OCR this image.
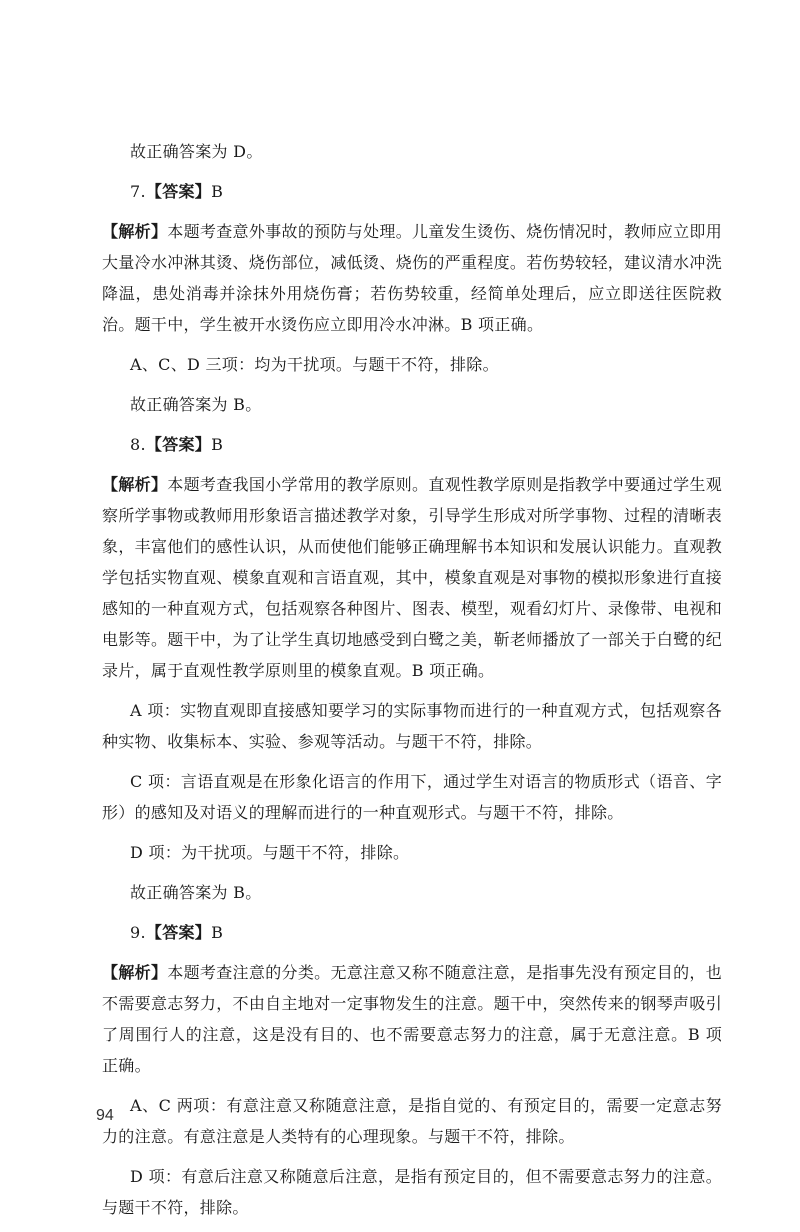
故正确答案为 D。

7.【答案】B

【解析】本题考查意外事故的预防与处理。儿童发生烫伤、烧伤情况时，教师应立即用大量冷水冲淋其烫、烧伤部位，减低烫、烧伤的严重程度。若伤势较轻，建议清水冲洗降温，患处消毒并涂抹外用烧伤膏；若伤势较重，经简单处理后，应立即送往医院救治。题干中，学生被开水烫伤应立即用冷水冲淋。B 项正确。

A、C、D 三项：均为干扰项。与题干不符，排除。

故正确答案为 B。

8.【答案】B

【解析】本题考查我国小学常用的教学原则。直观性教学原则是指教学中要通过学生观察所学事物或教师用形象语言描述教学对象，引导学生形成对所学事物、过程的清晰表象，丰富他们的感性认识，从而使他们能够正确理解书本知识和发展认识能力。直观教学包括实物直观、模象直观和言语直观，其中，模象直观是对事物的模拟形象进行直接感知的一种直观方式，包括观察各种图片、图表、模型，观看幻灯片、录像带、电视和电影等。题干中，为了让学生真切地感受到白鹭之美，靳老师播放了一部关于白鹭的纪录片，属于直观性教学原则里的模象直观。B 项正确。

A 项：实物直观即直接感知要学习的实际事物而进行的一种直观方式，包括观察各种实物、收集标本、实验、参观等活动。与题干不符，排除。

C 项：言语直观是在形象化语言的作用下，通过学生对语言的物质形式（语音、字形）的感知及对语义的理解而进行的一种直观形式。与题干不符，排除。

D 项：为干扰项。与题干不符，排除。

故正确答案为 B。

9.【答案】B

【解析】本题考查注意的分类。无意注意又称不随意注意，是指事先没有预定目的，也不需要意志努力，不由自主地对一定事物发生的注意。题干中，突然传来的钢琴声吸引了周围行人的注意，这是没有目的、也不需要意志努力的注意，属于无意注意。B 项正确。

A、C 两项：有意注意又称随意注意，是指自觉的、有预定目的，需要一定意志努力的注意。有意注意是人类特有的心理现象。与题干不符，排除。

D 项：有意后注意又称随意后注意，是指有预定目的，但不需要意志努力的注意。与题干不符，排除。

94
